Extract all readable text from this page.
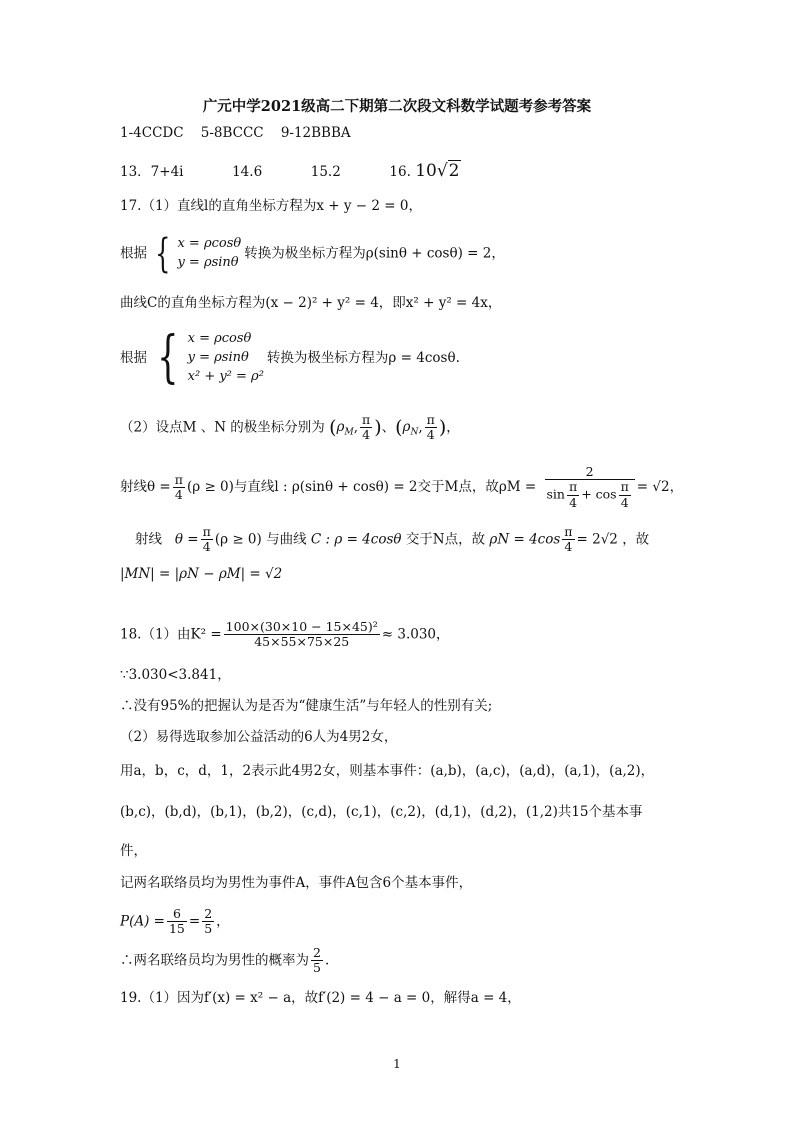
广元中学2021级高二下期第二次段文科数学试题考参考答案
1-4CCDC 5-8BCCC 9-12BBBA
13．7+4i	14.6	15.2	16. 10√2
17.（1）直线l的直角坐标方程为x + y − 2 = 0，
根据 { x = ρcosθ
y = ρsinθ
转换为极坐标方程为ρ(sinθ + cosθ) = 2，
曲线C的直角坐标方程为(x − 2)² + y² = 4，即x² + y² = 4x，
根据 { x = ρcosθ
y = ρsinθ
x² + y² = ρ²
转换为极坐标方程为ρ = 4cosθ.
（2）设点M 、N 的极坐标分别为 ($\rho_M$, $\frac{\pi}{4}$ )、($\rho_N$, $\frac{\pi}{4}$ )，
射线$\theta = \frac{\pi}{4} (\rho \ge 0)$与直线l : ρ(sinθ + cosθ) = 2交于M点，故$\rho M = \frac{2}{\sin \frac{\pi}{4} + \cos \frac{\pi}{4}} = √2$，
射线 $\theta = \frac{\pi}{4} (\rho \ge 0)$ 与曲线 C : ρ = 4cosθ 交于N点，故 $\rho N = 4\cos \frac{\pi}{4} = 2√2$ ，故
|MN| = |ρN − ρM| = √2
18.（1）由$K^2 = \frac{\text{100×(30×10 − 15×45)²}}{45\times 55\times 75\times 25} \approx 3.030$，
∵3.030<3.841，
∴没有95%的把握认为是否为“健康生活”与年轻人的性别有关;
（2）易得选取参加公益活动的6人为4男2女，
用a，b，c，d，1，2表示此4男2女，则基本事件：(a,b)，(a,c)，(a,d)，(a,1)，(a,2)，
(b,c)，(b,d)，(b,1)，(b,2)，(c,d)，(c,1)，(c,2)，(d,1)，(d,2)，(1,2)共15个基本事
件，
记两名联络员均为男性为事件A，事件A包含6个基本事件，
$P(A) = \frac{6}{15} = \frac{2}{5}$ ，
∴两名联络员均为男性的概率为 $\frac{2}{5}$ .
19.（1）因为f′(x) = x² − a，故f′(2) = 4 − a = 0，解得a = 4，
1
